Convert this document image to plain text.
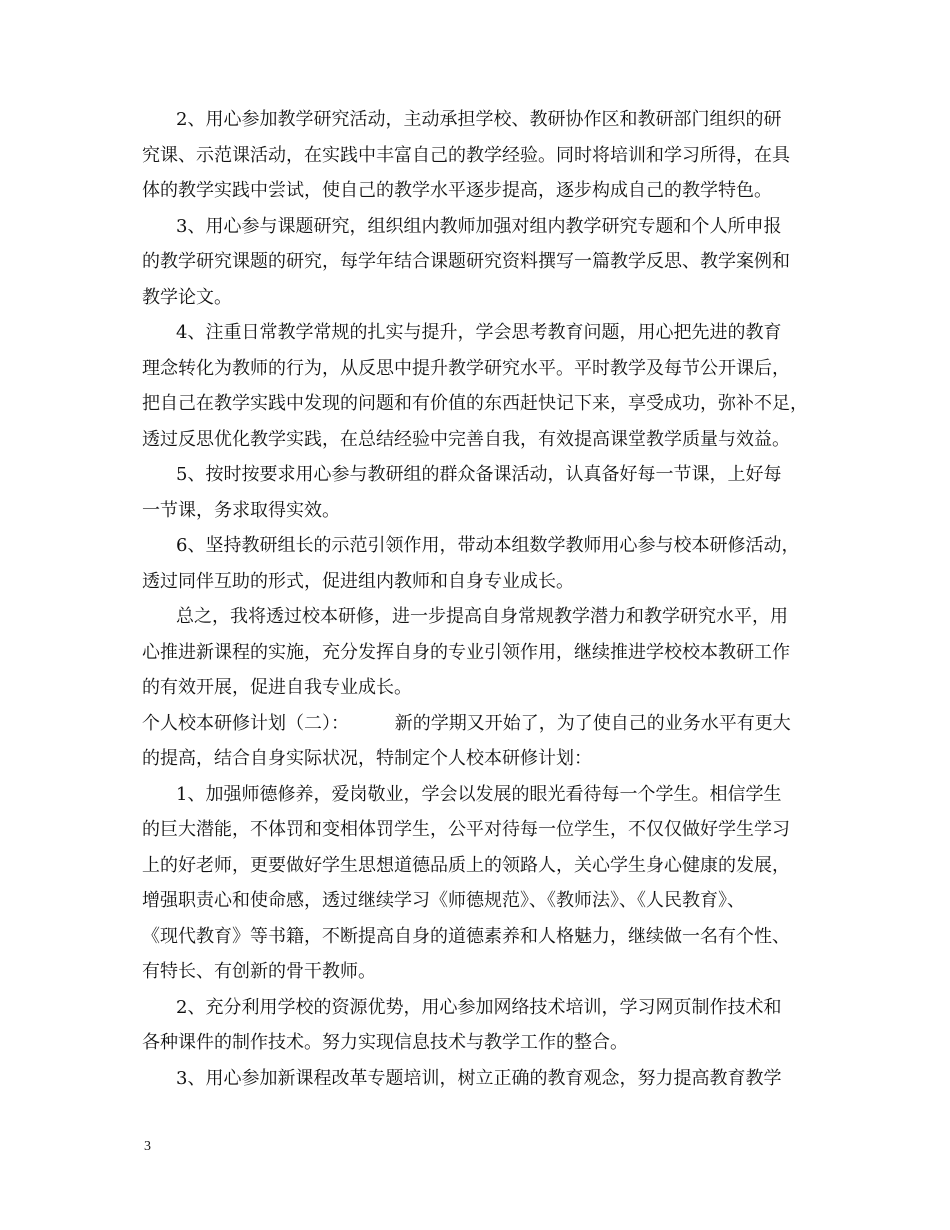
2、用心参加教学研究活动，主动承担学校、教研协作区和教研部门组织的研
究课、示范课活动，在实践中丰富自己的教学经验。同时将培训和学习所得，在具
体的教学实践中尝试，使自己的教学水平逐步提高，逐步构成自己的教学特色。
3、用心参与课题研究，组织组内教师加强对组内教学研究专题和个人所申报
的教学研究课题的研究，每学年结合课题研究资料撰写一篇教学反思、教学案例和
教学论文。
4、注重日常教学常规的扎实与提升，学会思考教育问题，用心把先进的教育
理念转化为教师的行为，从反思中提升教学研究水平。平时教学及每节公开课后，
把自己在教学实践中发现的问题和有价值的东西赶快记下来，享受成功，弥补不足，
透过反思优化教学实践，在总结经验中完善自我，有效提高课堂教学质量与效益。
5、按时按要求用心参与教研组的群众备课活动，认真备好每一节课，上好每
一节课，务求取得实效。
6、坚持教研组长的示范引领作用，带动本组数学教师用心参与校本研修活动，
透过同伴互助的形式，促进组内教师和自身专业成长。
总之，我将透过校本研修，进一步提高自身常规教学潜力和教学研究水平，用
心推进新课程的实施，充分发挥自身的专业引领作用，继续推进学校校本教研工作
的有效开展，促进自我专业成长。
个人校本研修计划（二）：        新的学期又开始了，为了使自己的业务水平有更大
的提高，结合自身实际状况，特制定个人校本研修计划：
1、加强师德修养，爱岗敬业，学会以发展的眼光看待每一个学生。相信学生
的巨大潜能，不体罚和变相体罚学生，公平对待每一位学生，不仅仅做好学生学习
上的好老师，更要做好学生思想道德品质上的领路人，关心学生身心健康的发展，
增强职责心和使命感，透过继续学习《师德规范》、《教师法》、《人民教育》、
《现代教育》等书籍，不断提高自身的道德素养和人格魅力，继续做一名有个性、
有特长、有创新的骨干教师。
2、充分利用学校的资源优势，用心参加网络技术培训，学习网页制作技术和
各种课件的制作技术。努力实现信息技术与教学工作的整合。
3、用心参加新课程改革专题培训，树立正确的教育观念，努力提高教育教学
3
